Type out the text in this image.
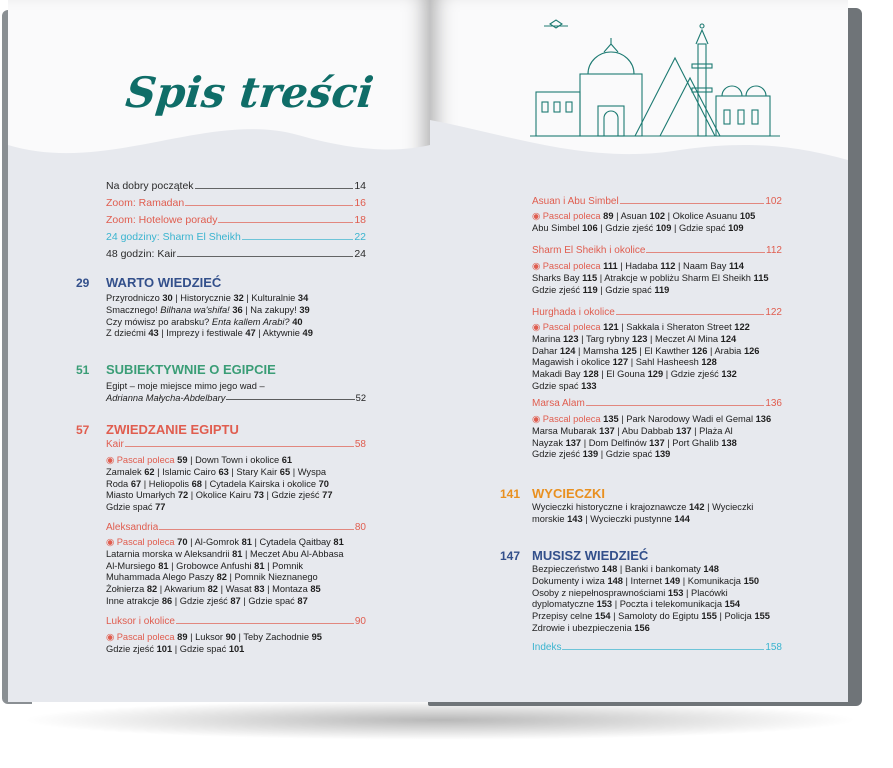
Spis treści
Na dobry początek	14
Zoom: Ramadan	16
Zoom: Hotelowe porady	18
24 godziny: Sharm El Sheikh	22
48 godzin: Kair	24
29 WARTO WIEDZIEĆ
Przyrodniczo 30 | Historycznie 32 | Kulturalnie 34
Smacznego! Bilhana wa'shifa! 36 | Na zakupy! 39
Czy mówisz po arabsku? Enta kallem Arabi? 40
Z dziećmi 43 | Imprezy i festiwale 47 | Aktywnie 49
51 SUBIEKTYWNIE O EGIPCIE
Egipt – moje miejsce mimo jego wad –
Adrianna Małycha-Abdelbary	52
57 ZWIEDZANIE EGIPTU
Kair	58
◉ Pascal poleca 59 | Down Town i okolice 61
Zamalek 62 | Islamic Cairo 63 | Stary Kair 65 | Wyspa
Roda 67 | Heliopolis 68 | Cytadela Kairska i okolice 70
Miasto Umarłych 72 | Okolice Kairu 73 | Gdzie zjeść 77
Gdzie spać 77
Aleksandria	80
◉ Pascal poleca 70 | Al-Gomrok 81 | Cytadela Qaitbay 81
Latarnia morska w Aleksandrii 81 | Meczet Abu Al-Abbasa
Al-Mursiego 81 | Grobowce Anfushi 81 | Pomnik
Muhammada Alego Paszy 82 | Pomnik Nieznanego
Żołnierza 82 | Akwarium 82 | Wasat 83 | Montaza 85
Inne atrakcje 86 | Gdzie zjeść 87 | Gdzie spać 87
Luksor i okolice	90
◉ Pascal poleca 89 | Luksor 90 | Teby Zachodnie 95
Gdzie zjeść 101 | Gdzie spać 101
Asuan i Abu Simbel	102
◉ Pascal poleca 89 | Asuan 102 | Okolice Asuanu 105
Abu Simbel 106 | Gdzie zjeść 109 | Gdzie spać 109
Sharm El Sheikh i okolice	112
◉ Pascal poleca 111 | Hadaba 112 | Naam Bay 114
Sharks Bay 115 | Atrakcje w pobliżu Sharm El Sheikh 115
Gdzie zjeść 119 | Gdzie spać 119
Hurghada i okolice	122
◉ Pascal poleca 121 | Sakkala i Sheraton Street 122
Marina 123 | Targ rybny 123 | Meczet Al Mina 124
Dahar 124 | Mamsha 125 | El Kawther 126 | Arabia 126
Magawish i okolice 127 | Sahl Hasheesh 128
Makadi Bay 128 | El Gouna 129 | Gdzie zjeść 132
Gdzie spać 133
Marsa Alam	136
◉ Pascal poleca 135 | Park Narodowy Wadi el Gemal 136
Marsa Mubarak 137 | Abu Dabbab 137 | Plaża Al
Nayzak 137 | Dom Delfinów 137 | Port Ghalib 138
Gdzie zjeść 139 | Gdzie spać 139
141 WYCIECZKI
Wycieczki historyczne i krajoznawcze 142 | Wycieczki
morskie 143 | Wycieczki pustynne 144
147 MUSISZ WIEDZIEĆ
Bezpieczeństwo 148 | Banki i bankomaty 148
Dokumenty i wiza 148 | Internet 149 | Komunikacja 150
Osoby z niepełnosprawnościami 153 | Placówki
dyplomatyczne 153 | Poczta i telekomunikacja 154
Przepisy celne 154 | Samoloty do Egiptu 155 | Policja 155
Zdrowie i ubezpieczenia 156
Indeks	158
